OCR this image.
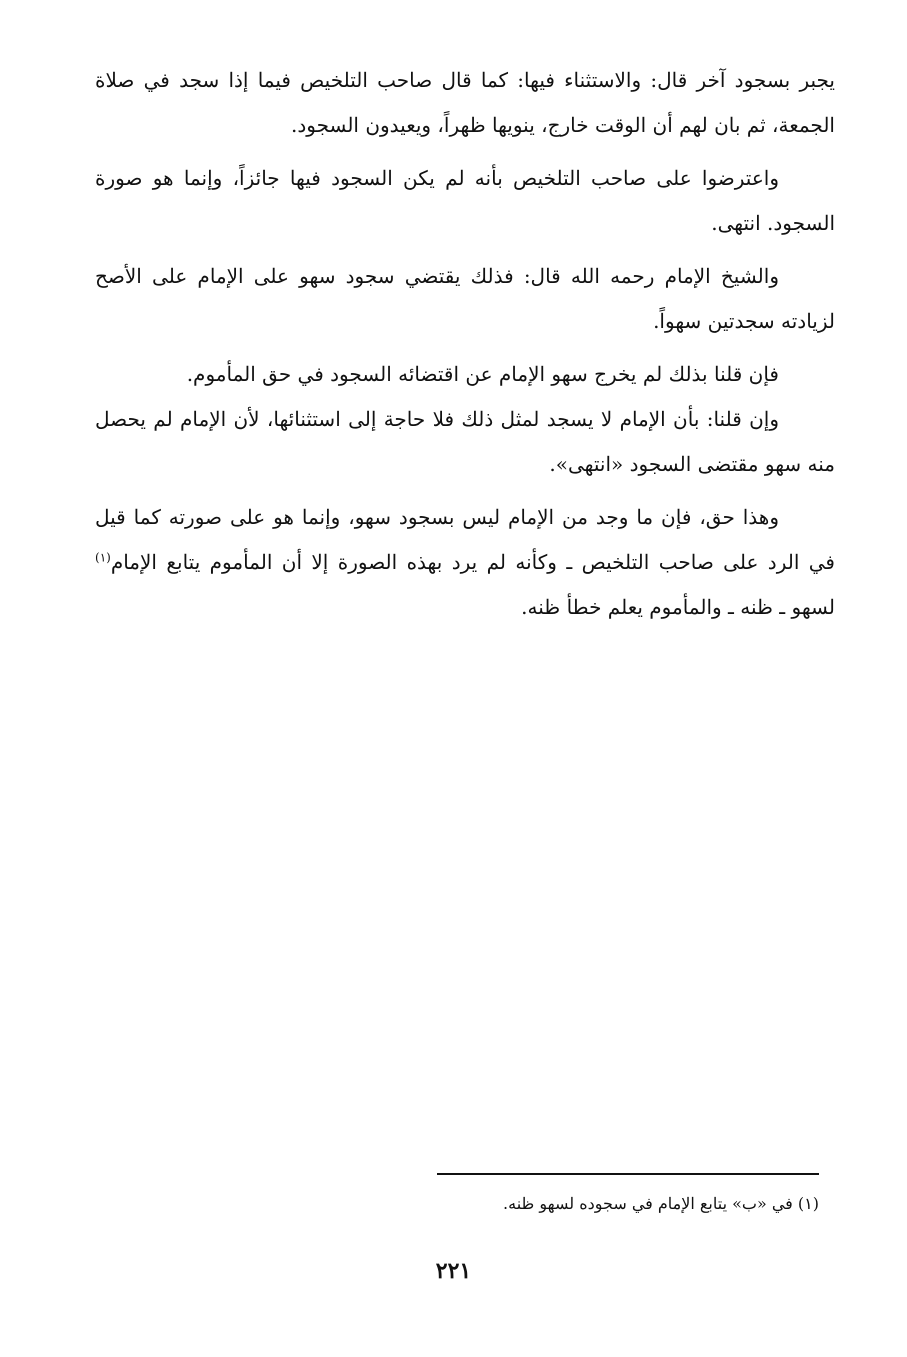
يجبر بسجود آخر قال: والاستثناء فيها: كما قال صاحب التلخيص فيما إذا سجد في صلاة الجمعة، ثم بان لهم أن الوقت خارج، ينويها ظهراً، ويعيدون السجود.

واعترضوا على صاحب التلخيص بأنه لم يكن السجود فيها جائزاً، وإنما هو صورة السجود. انتهى.

والشيخ الإمام رحمه الله قال: فذلك يقتضي سجود سهو على الإمام على الأصح لزيادته سجدتين سهواً.

فإن قلنا بذلك لم يخرج سهو الإمام عن اقتضائه السجود في حق المأموم.

وإن قلنا: بأن الإمام لا يسجد لمثل ذلك فلا حاجة إلى استثنائها، لأن الإمام لم يحصل منه سهو مقتضى السجود «انتهى».

وهذا حق، فإن ما وجد من الإمام ليس بسجود سهو، وإنما هو على صورته كما قيل في الرد على صاحب التلخيص ـ وكأنه لم يرد بهذه الصورة إلا أن المأموم يتابع الإمام$^{(١)}$ لسهو ـ ظنه ـ والمأموم يعلم خطأ ظنه.

(١) في «ب» يتابع الإمام في سجوده لسهو ظنه.
٢٢١
